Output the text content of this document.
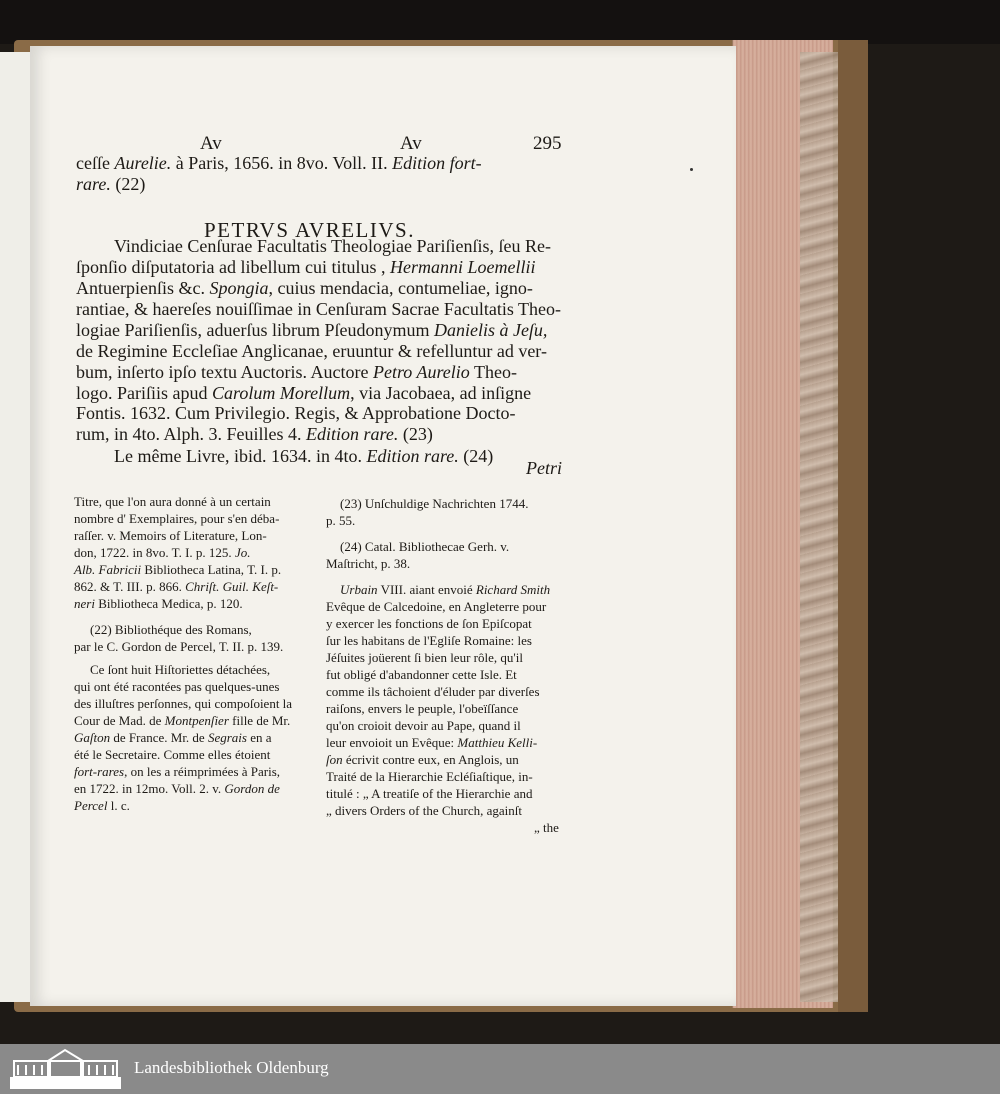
Av	Av	295
PETRVS AVRELIVS.
ceſſe Aurelie. à Paris, 1656. in 8vo. Voll. II. Edition fort-
rare. (22)
Vindiciae Cenſurae Facultatis Theologiae Pariſienſis, ſeu Re-
ſponſio diſputatoria ad libellum cui titulus , Hermanni Loemellii
Antuerpienſis &c. Spongia, cuius mendacia, contumeliae, igno-
rantiae, & haereſes nouiſſimae in Cenſuram Sacrae Facultatis Theo-
logiae Pariſienſis, aduerſus librum Pſeudonymum Danielis à Jeſu,
de Regimine Eccleſiae Anglicanae, eruuntur & refelluntur ad ver-
bum, inſerto ipſo textu Auctoris. Auctore Petro Aurelio Theo-
logo. Pariſiis apud Carolum Morellum, via Jacobaea, ad inſigne
Fontis. 1632. Cum Privilegio. Regis, & Approbatione Docto-
rum, in 4to. Alph. 3. Feuilles 4. Edition rare. (23)
Le même Livre, ibid. 1634. in 4to. Edition rare. (24)
Petri
Titre, que l'on aura donné à un certain
nombre d' Exemplaires, pour s'en déba-
raſſer. v. Memoirs of Literature, Lon-
don, 1722. in 8vo. T. I. p. 125. Jo.
Alb. Fabricii Bibliotheca Latina, T. I. p.
862. & T. III. p. 866. Chriſt. Guil. Keſt-
neri Bibliotheca Medica, p. 120.
(22) Bibliothéque des Romans,
par le C. Gordon de Percel, T. II. p. 139.
Ce ſont huit Hiſtoriettes détachées,
qui ont été racontées pas quelques-unes
des illuſtres perſonnes, qui compoſoient la
Cour de Mad. de Montpenſier fille de Mr.
Gaſton de France. Mr. de Segrais en a
été le Secretaire. Comme elles étoient
fort-rares, on les a réimprimées à Paris,
en 1722. in 12mo. Voll. 2. v. Gordon de
Percel l. c.
(23) Unſchuldige Nachrichten 1744.
p. 55.
(24) Catal. Bibliothecae Gerh. v.
Maſtricht, p. 38.
Urbain VIII. aiant envoié Richard Smith
Evêque de Calcedoine, en Angleterre pour
y exercer les fonctions de ſon Epiſcopat
ſur les habitans de l'Egliſe Romaine: les
Jéſuites joüerent ſi bien leur rôle, qu'il
fut obligé d'abandonner cette Isle. Et
comme ils tâchoient d'éluder par diverſes
raiſons, envers le peuple, l'obeïſſance
qu'on croioit devoir au Pape, quand il
leur envoioit un Evêque: Matthieu Kelli-
ſon écrivit contre eux, en Anglois, un
Traité de la Hierarchie Ecléſiaſtique, in-
titulé : „ A treatiſe of the Hierarchie and
„ divers Orders of the Church, againſt
„ the
Landesbibliothek Oldenburg
